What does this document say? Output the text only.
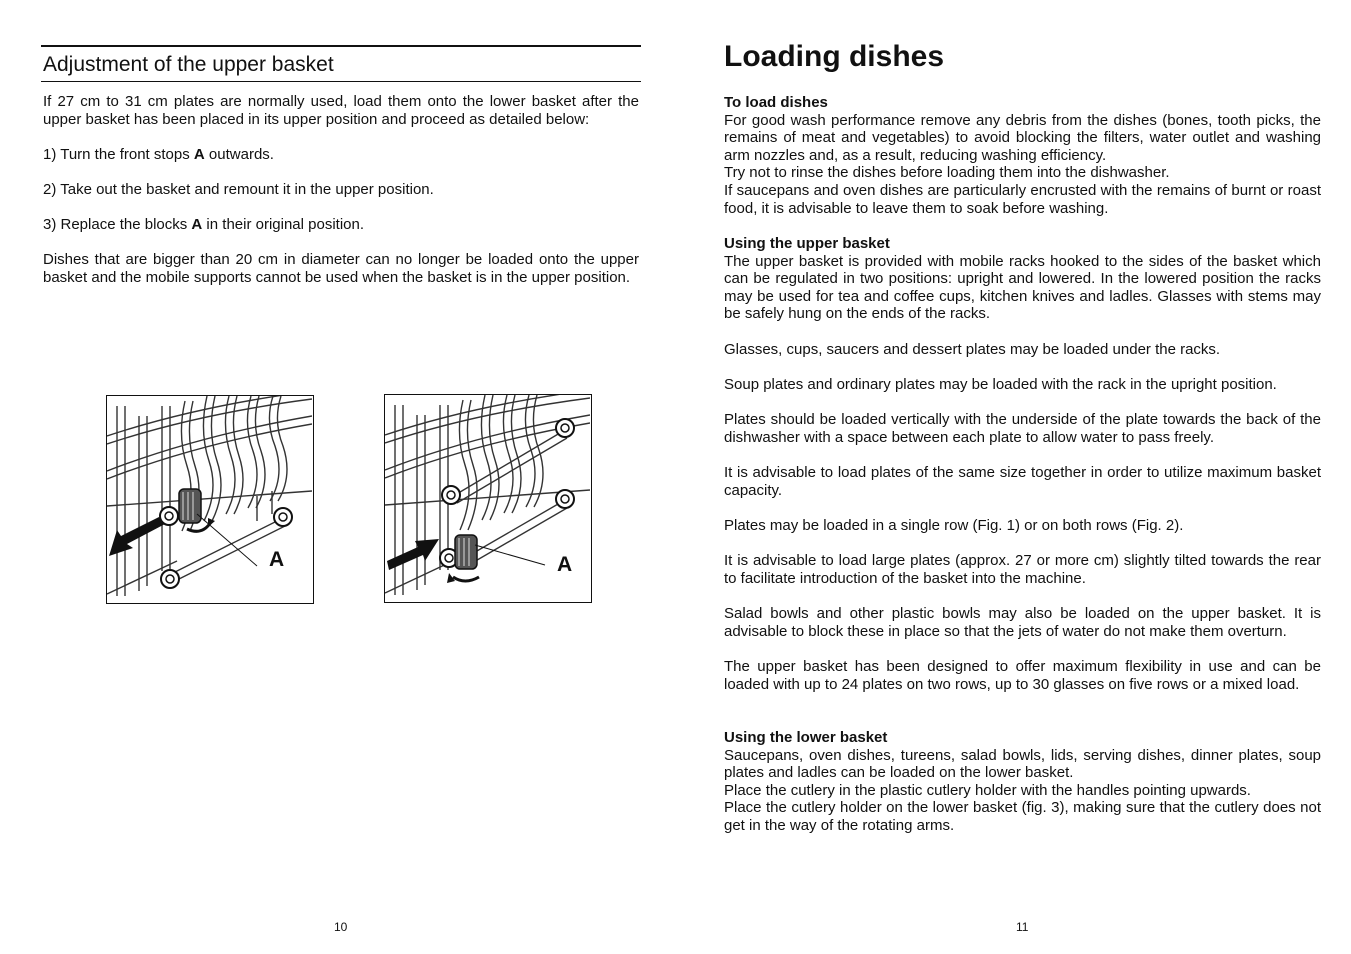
Adjustment of the upper basket

If 27 cm to 31 cm plates are normally used, load them onto the lower basket after the upper basket has been placed in its upper position and proceed as detailed below:

1) Turn the front stops A outwards.

2) Take out the basket and remount it in the upper position.

3) Replace the blocks A in their original position.

Dishes that are bigger than 20 cm in diameter can no longer be loaded onto the upper basket and the mobile supports cannot be used when the basket is in the upper position.

A	A
10
Loading dishes
To load dishes
For good wash performance remove any debris from the dishes (bones, tooth picks, the remains of meat and vegetables) to avoid blocking the filters, water outlet and washing arm nozzles and, as a result, reducing washing efficiency.
Try not to rinse the dishes before loading them into the dishwasher.
If saucepans and oven dishes are particularly encrusted with the remains of burnt or roast food, it is advisable to leave them to soak before washing.
Using the upper basket
The upper basket is provided with mobile racks hooked to the sides of the basket which can be regulated in two positions: upright and lowered. In the lowered position the racks may be used for tea and coffee cups, kitchen knives and ladles. Glasses with stems may be safely hung on the ends of the racks.

Glasses, cups, saucers and dessert plates may be loaded under the racks.

Soup plates and ordinary plates may be loaded with the rack in the upright position.

Plates should be loaded vertically with the underside of the plate towards the back of the dishwasher with a space between each plate to allow water to pass freely.

It is advisable to load plates of the same size together in order to utilize maximum basket capacity.

Plates may be loaded in a single row (Fig. 1) or on both rows (Fig. 2).

It is advisable to load large plates (approx. 27 or more cm) slightly tilted towards the rear to facilitate introduction of the basket into the machine.

Salad bowls and other plastic bowls may also be loaded on the upper basket. It is advisable to block these in place so that the jets of water do not make them overturn.

The upper basket has been designed to offer maximum flexibility in use and can be loaded with up to 24 plates on two rows, up to 30 glasses on five rows or a mixed load.

Using the lower basket
Saucepans, oven dishes, tureens, salad bowls, lids, serving dishes, dinner plates, soup plates and ladles can be loaded on the lower basket.
Place the cutlery in the plastic cutlery holder with the handles pointing upwards.
Place the cutlery holder on the lower basket (fig. 3), making sure that the cutlery does not get in the way of the rotating arms.
11
